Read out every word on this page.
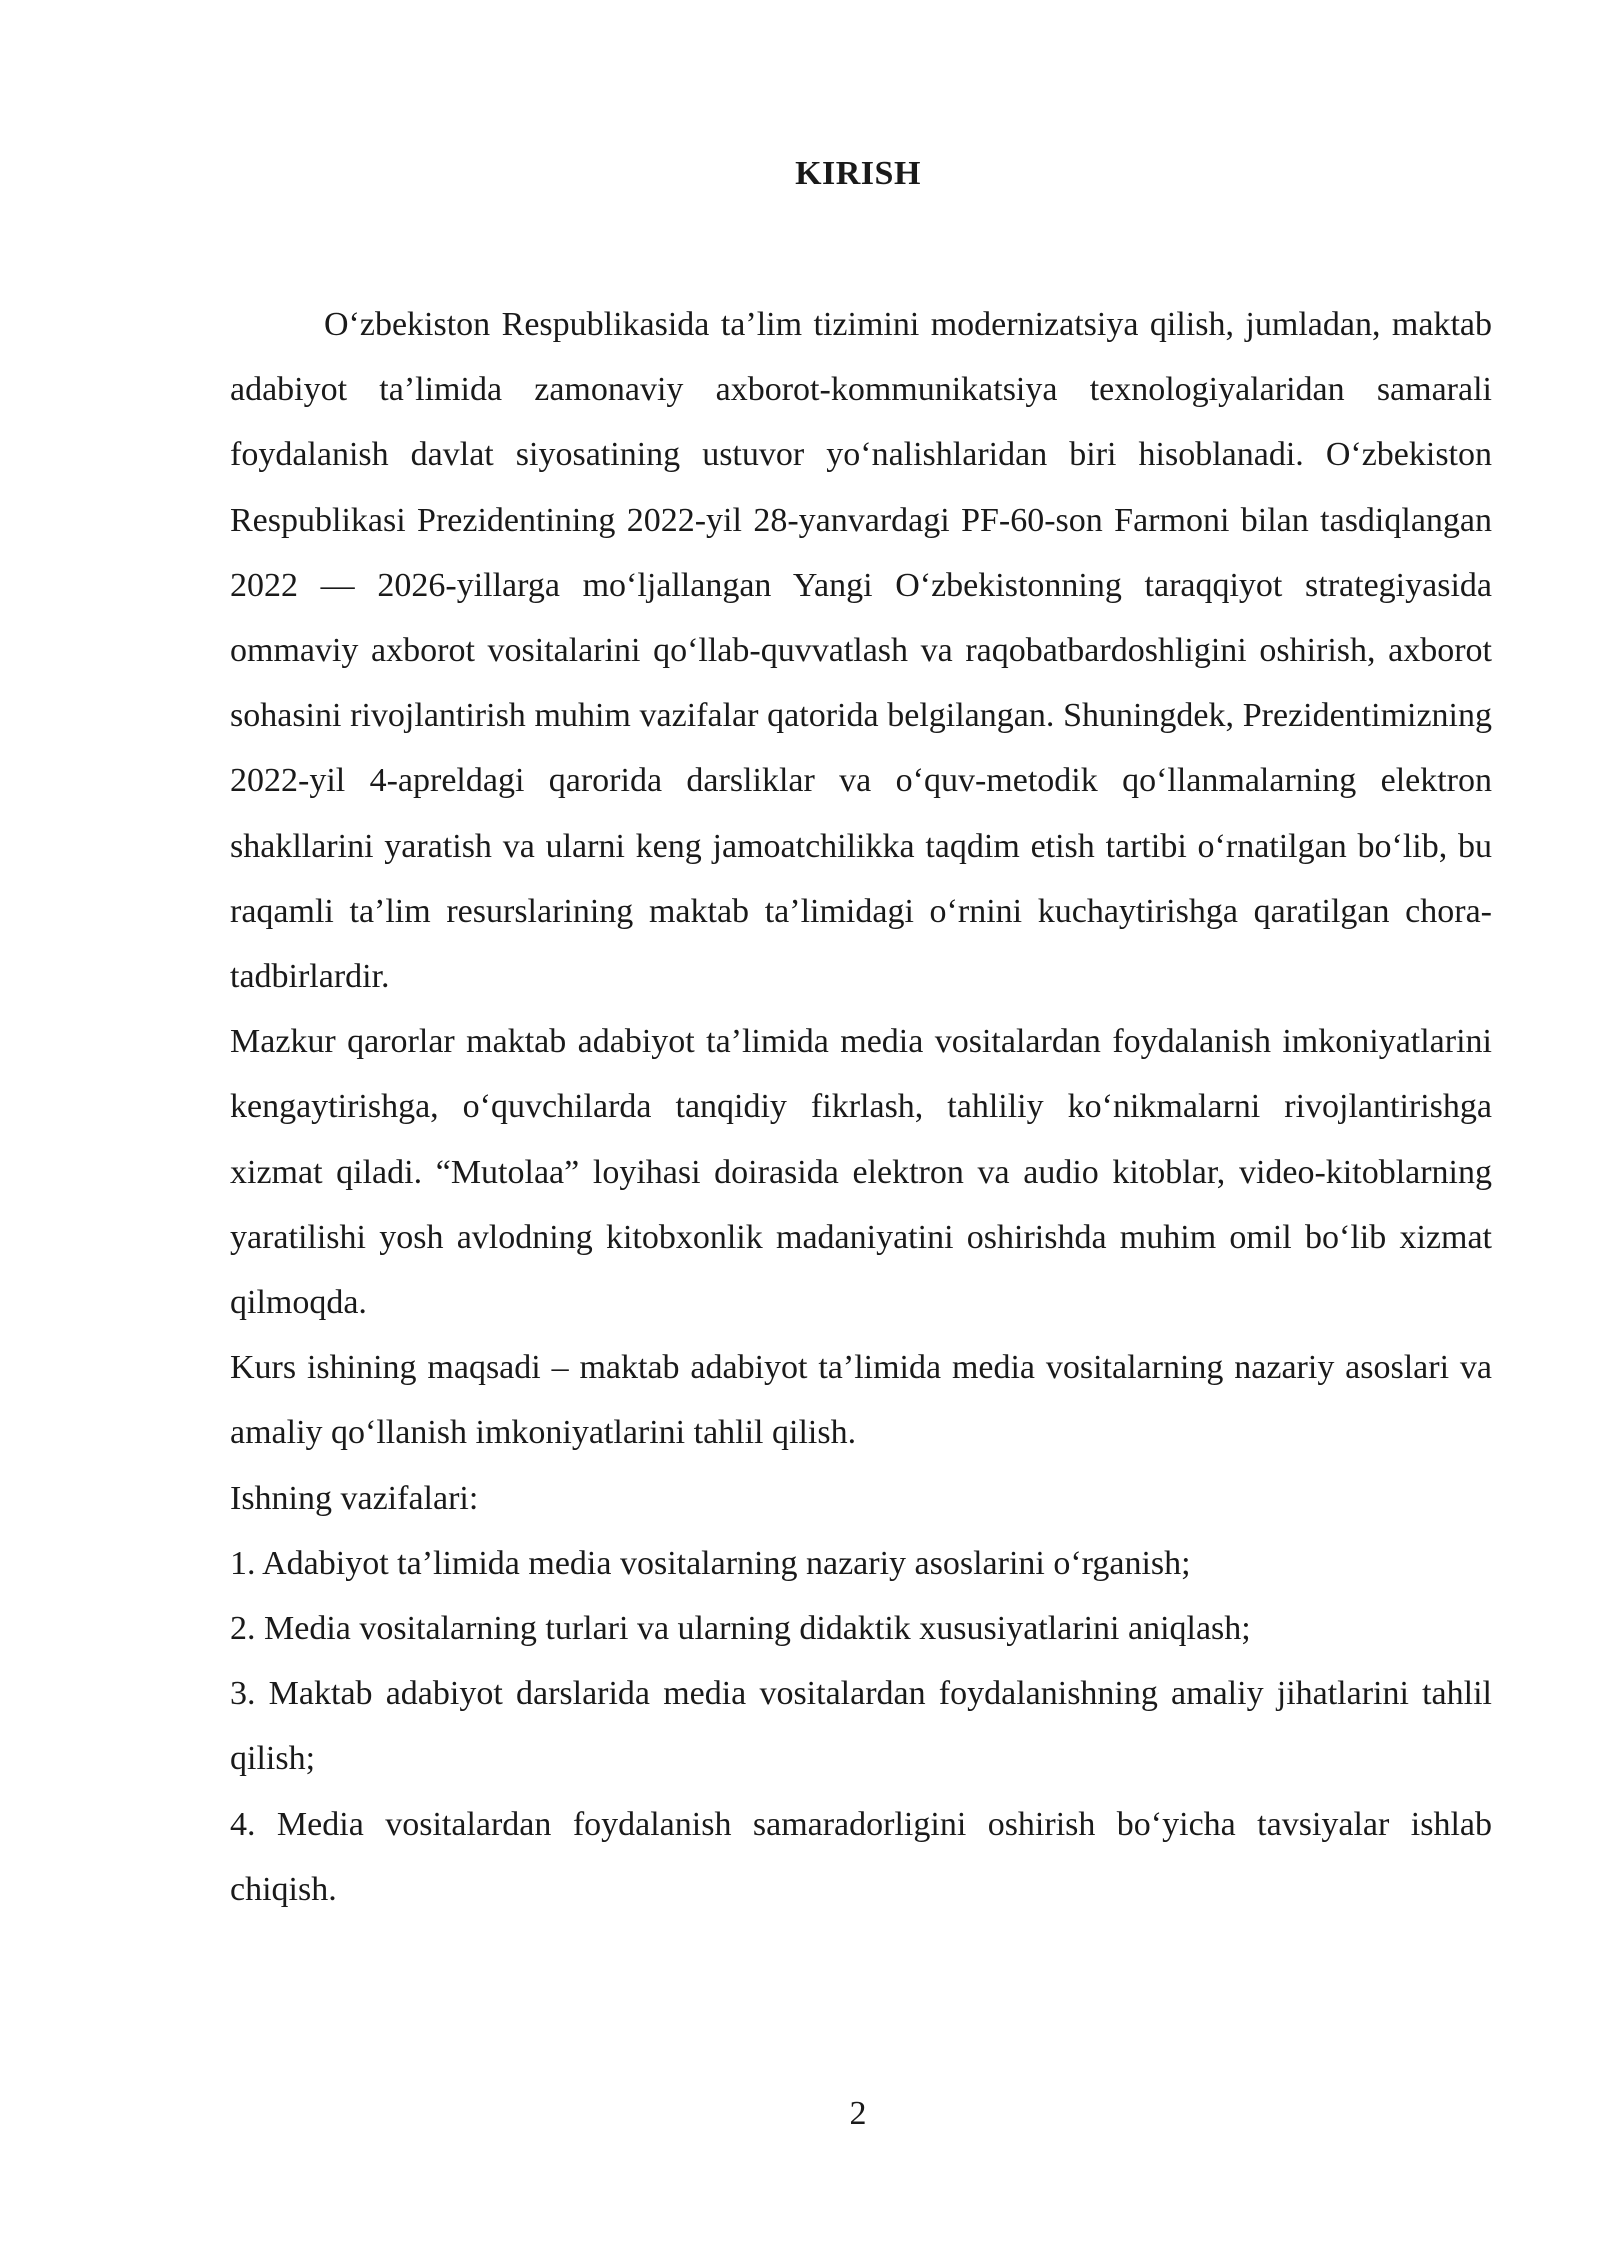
KIRISH

O‘zbekiston Respublikasida ta’lim tizimini modernizatsiya qilish, jumladan, maktab adabiyot ta’limida zamonaviy axborot-kommunikatsiya texnologiyalaridan samarali foydalanish davlat siyosatining ustuvor yo‘nalishlaridan biri hisoblanadi. O‘zbekiston Respublikasi Prezidentining 2022-yil 28-yanvardagi PF-60-son Farmoni bilan tasdiqlangan 2022 — 2026-yillarga mo‘ljallangan Yangi O‘zbekistonning taraqqiyot strategiyasida ommaviy axborot vositalarini qo‘llab-quvvatlash va raqobatbardoshligini oshirish, axborot sohasini rivojlantirish muhim vazifalar qatorida belgilangan. Shuningdek, Prezidentimizning 2022-yil 4-apreldagi qarorida darsliklar va o‘quv-metodik qo‘llanmalarning elektron shakllarini yaratish va ularni keng jamoatchilikka taqdim etish tartibi o‘rnatilgan bo‘lib, bu raqamli ta’lim resurslarining maktab ta’limidagi o‘rnini kuchaytirishga qaratilgan chora-tadbirlardir.

Mazkur qarorlar maktab adabiyot ta’limida media vositalardan foydalanish imkoniyatlarini kengaytirishga, o‘quvchilarda tanqidiy fikrlash, tahliliy ko‘nikmalarni rivojlantirishga xizmat qiladi. “Mutolaa” loyihasi doirasida elektron va audio kitoblar, video-kitoblarning yaratilishi yosh avlodning kitobxonlik madaniyatini oshirishda muhim omil bo‘lib xizmat qilmoqda.

Kurs ishining maqsadi – maktab adabiyot ta’limida media vositalarning nazariy asoslari va amaliy qo‘llanish imkoniyatlarini tahlil qilish.

Ishning vazifalari:

1. Adabiyot ta’limida media vositalarning nazariy asoslarini o‘rganish;

2. Media vositalarning turlari va ularning didaktik xususiyatlarini aniqlash;

3. Maktab adabiyot darslarida media vositalardan foydalanishning amaliy jihatlarini tahlil qilish;

4. Media vositalardan foydalanish samaradorligini oshirish bo‘yicha tavsiyalar ishlab chiqish.

2
